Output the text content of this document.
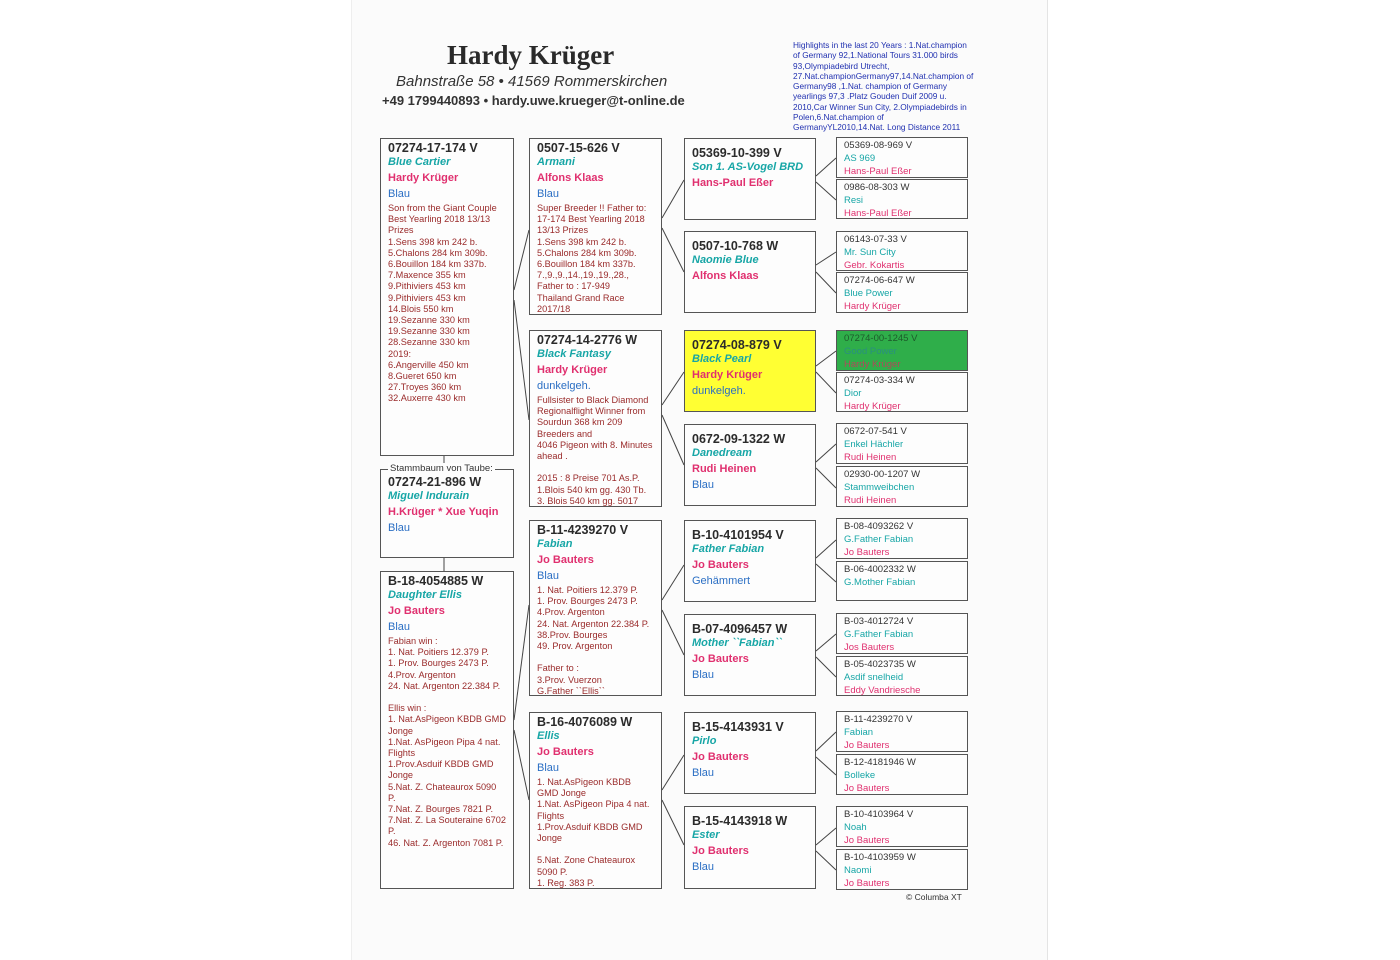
Hardy Krüger
Bahnstraße 58 • 41569 Rommerskirchen
+49 1799440893 • hardy.uwe.krueger@t-online.de
Highlights in the last 20 Years : 1.Nat.champion of Germany 92,1.National Tours 31.000 birds 93,Olympiadebird Utrecht, 27.Nat.championGermany97,14.Nat.champion of Germany98 ,1.Nat. champion of Germany yearlings 97,3 .Platz Gouden Duif 2009 u. 2010,Car Winner Sun City, 2.Olympiadebirds in Polen,6.Nat.champion of GermanyYL2010,14.Nat. Long Distance 2011
07274-17-174 V
Blue Cartier
Hardy Krüger
Blau
Son from the Giant Couple Best Yearling 2018 13/13 Prizes
1.Sens 398 km 242 b.
5.Chalons 284 km 309b.
6.Bouillon 184 km 337b.
7.Maxence 355 km
9.Pithiviers 453 km
9.Pithiviers 453 km
14.Blois 550 km
19.Sezanne 330 km
19.Sezanne 330 km
28.Sezanne 330 km
2019:
6.Angerville 450 km
8.Gueret 650 km
27.Troyes 360 km
32.Auxerre 430 km
07274-21-896 W
Miguel Indurain
H.Krüger * Xue Yuqin
Blau
Stammbaum von Taube:
B-18-4054885 W
Daughter Ellis
Jo Bauters
Blau
Fabian win :
1. Nat. Poitiers 12.379 P.
1. Prov. Bourges 2473 P.
4.Prov. Argenton
24. Nat. Argenton 22.384 P.

Ellis win :
1. Nat.AsPigeon KBDB GMD Jonge
1.Nat. AsPigeon Pipa 4 nat. Flights
1.Prov.Asduif KBDB GMD Jonge
5.Nat. Z. Chateaurox 5090 P.
7.Nat. Z. Bourges 7821 P.
7.Nat. Z. La Souteraine 6702 P.
46. Nat. Z. Argenton 7081 P.
0507-15-626 V
Armani
Alfons Klaas
Blau
Super Breeder !! Father to: 17-174 Best Yearling 2018 13/13 Prizes
1.Sens 398 km 242 b.
5.Chalons 284 km 309b.
6.Bouillon 184 km 337b.
7.,9.,9.,14.,19.,19.,28.,
Father to : 17-949
Thailand Grand Race 2017/18
07274-14-2776 W
Black Fantasy
Hardy Krüger
dunkelgeh.
Fullsister to Black Diamond Regionalflight Winner from Sourdun 368 km 209 Breeders and
4046 Pigeon with 8. Minutes ahead .

2015 : 8 Preise 701 As.P.
1.Blois 540 km gg. 430 Tb.
3. Blois 540 km gg. 5017
B-11-4239270 V
Fabian
Jo Bauters
Blau
1. Nat. Poitiers 12.379 P.
1. Prov. Bourges 2473 P.
4.Prov. Argenton
24. Nat. Argenton 22.384 P.
38.Prov. Bourges
49. Prov. Argenton

Father to :
3.Prov. Vuerzon
G.Father ``Ellis``
B-16-4076089 W
Ellis
Jo Bauters
Blau
1. Nat.AsPigeon KBDB GMD Jonge
1.Nat. AsPigeon Pipa 4 nat. Flights
1.Prov.Asduif KBDB GMD Jonge

5.Nat. Zone Chateaurox 5090 P.
1. Reg. 383 P.
05369-10-399 V
Son 1. AS-Vogel BRD
Hans-Paul Eßer
0507-10-768 W
Naomie Blue
Alfons Klaas
07274-08-879 V
Black Pearl
Hardy Krüger
dunkelgeh.
0672-09-1322 W
Danedream
Rudi Heinen
Blau
B-10-4101954 V
Father Fabian
Jo Bauters
Gehämmert
B-07-4096457 W
Mother ``Fabian``
Jo Bauters
Blau
B-15-4143931 V
Pirlo
Jo Bauters
Blau
B-15-4143918 W
Ester
Jo Bauters
Blau
05369-08-969 V
AS 969
Hans-Paul Eßer
0986-08-303 W
Resi
Hans-Paul Eßer
06143-07-33 V
Mr. Sun City
Gebr. Kokartis
07274-06-647 W
Blue Power
Hardy Krüger
07274-00-1245 V
Good Power
Hardy Krüger
07274-03-334 W
Dior
Hardy Krüger
0672-07-541 V
Enkel Hächler
Rudi Heinen
02930-00-1207 W
Stammweibchen
Rudi Heinen
B-08-4093262 V
G.Father Fabian
Jo Bauters
B-06-4002332 W
G.Mother Fabian
B-03-4012724 V
G.Father Fabian
Jos Bauters
B-05-4023735 W
Asdif snelheid
Eddy Vandriesche
B-11-4239270 V
Fabian
Jo Bauters
B-12-4181946 W
Bolleke
Jo Bauters
B-10-4103964 V
Noah
Jo Bauters
B-10-4103959 W
Naomi
Jo Bauters
© Columba XT
